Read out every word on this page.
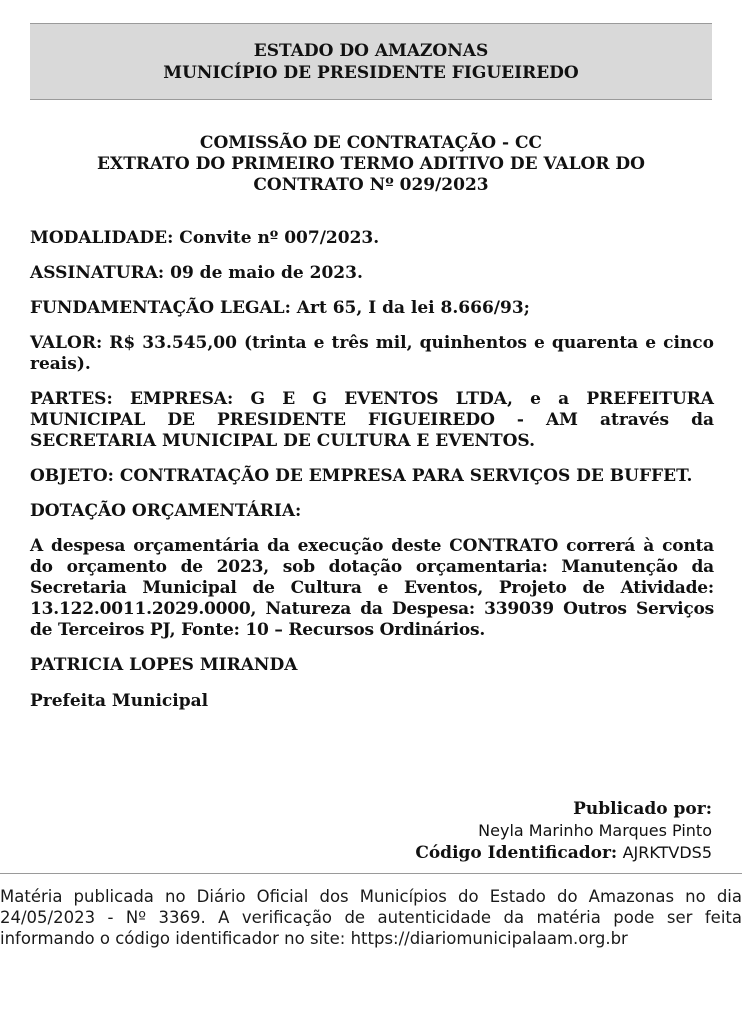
ESTADO DO AMAZONAS
MUNICÍPIO DE PRESIDENTE FIGUEIREDO
COMISSÃO DE CONTRATAÇÃO - CC
EXTRATO DO PRIMEIRO TERMO ADITIVO DE VALOR DO
CONTRATO Nº 029/2023

MODALIDADE: Convite nº 007/2023.

ASSINATURA: 09 de maio de 2023.

FUNDAMENTAÇÃO LEGAL: Art 65, I da lei 8.666/93;

VALOR: R$ 33.545,00 (trinta e três mil, quinhentos e quarenta e cinco reais).

PARTES: EMPRESA: G E G EVENTOS LTDA, e a PREFEITURA MUNICIPAL DE PRESIDENTE FIGUEIREDO - AM através da SECRETARIA MUNICIPAL DE CULTURA E EVENTOS.

OBJETO: CONTRATAÇÃO DE EMPRESA PARA SERVIÇOS DE BUFFET.

DOTAÇÃO ORÇAMENTÁRIA:

A despesa orçamentária da execução deste CONTRATO correrá à conta do orçamento de 2023, sob dotação orçamentaria: Manutenção da Secretaria Municipal de Cultura e Eventos, Projeto de Atividade: 13.122.0011.2029.0000, Natureza da Despesa: 339039 Outros Serviços de Terceiros PJ, Fonte: 10 – Recursos Ordinários.

PATRICIA LOPES MIRANDA

Prefeita Municipal

Publicado por:
Neyla Marinho Marques Pinto
Código Identificador: AJRKTVDS5
Matéria publicada no Diário Oficial dos Municípios do Estado do Amazonas no dia 24/05/2023 - Nº 3369. A verificação de autenticidade da matéria pode ser feita informando o código identificador no site: https://diariomunicipalaam.org.br
